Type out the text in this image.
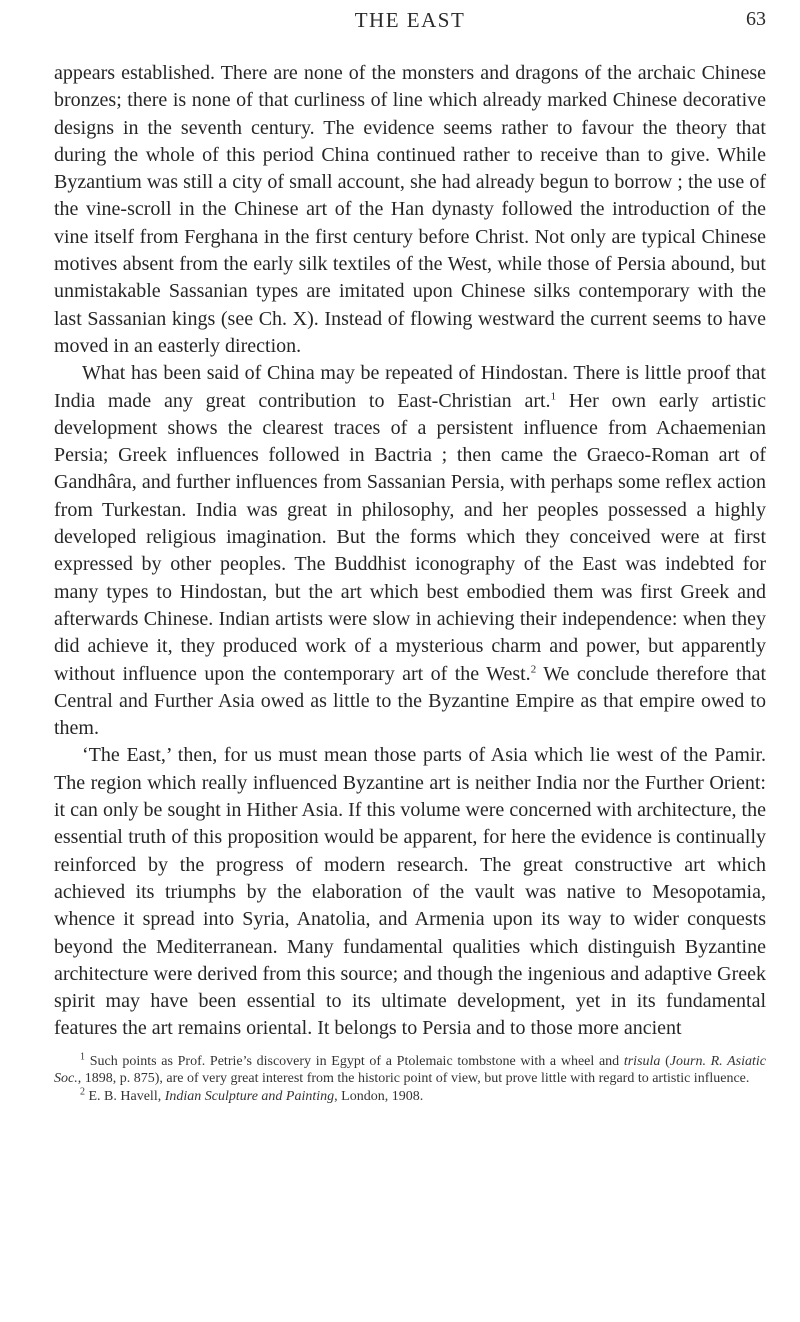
THE EAST	63

appears established. There are none of the monsters and dragons of the archaic Chinese bronzes; there is none of that curliness of line which already marked Chinese decorative designs in the seventh century. The evidence seems rather to favour the theory that during the whole of this period China continued rather to receive than to give. While Byzantium was still a city of small account, she had already begun to borrow ; the use of the vine-scroll in the Chinese art of the Han dynasty followed the introduction of the vine itself from Ferghana in the first century before Christ. Not only are typical Chinese motives absent from the early silk textiles of the West, while those of Persia abound, but unmistakable Sassanian types are imitated upon Chinese silks contemporary with the last Sassanian kings (see Ch. X). Instead of flowing westward the current seems to have moved in an easterly direction.

What has been said of China may be repeated of Hindostan. There is little proof that India made any great contribution to East-Christian art.$^1$ Her own early artistic development shows the clearest traces of a persistent influence from Achaemenian Persia; Greek influences followed in Bactria ; then came the Graeco-Roman art of Gandhâra, and further influences from Sassanian Persia, with perhaps some reflex action from Turkestan. India was great in philosophy, and her peoples possessed a highly developed religious imagination. But the forms which they conceived were at first expressed by other peoples. The Buddhist iconography of the East was indebted for many types to Hindostan, but the art which best embodied them was first Greek and afterwards Chinese. Indian artists were slow in achieving their independence: when they did achieve it, they produced work of a mysterious charm and power, but apparently without influence upon the contemporary art of the West.$^2$ We conclude therefore that Central and Further Asia owed as little to the Byzantine Empire as that empire owed to them.

‘The East,’ then, for us must mean those parts of Asia which lie west of the Pamir. The region which really influenced Byzantine art is neither India nor the Further Orient: it can only be sought in Hither Asia. If this volume were concerned with architecture, the essential truth of this proposition would be apparent, for here the evidence is continually reinforced by the progress of modern research. The great constructive art which achieved its triumphs by the elaboration of the vault was native to Mesopotamia, whence it spread into Syria, Anatolia, and Armenia upon its way to wider conquests beyond the Mediterranean. Many fundamental qualities which distinguish Byzantine architecture were derived from this source; and though the ingenious and adaptive Greek spirit may have been essential to its ultimate development, yet in its fundamental features the art remains oriental. It belongs to Persia and to those more ancient

$^1$ Such points as Prof. Petrie’s discovery in Egypt of a Ptolemaic tombstone with a wheel and trisula (Journ. R. Asiatic Soc., 1898, p. 875), are of very great interest from the historic point of view, but prove little with regard to artistic influence.

$^2$ E. B. Havell, Indian Sculpture and Painting, London, 1908.
